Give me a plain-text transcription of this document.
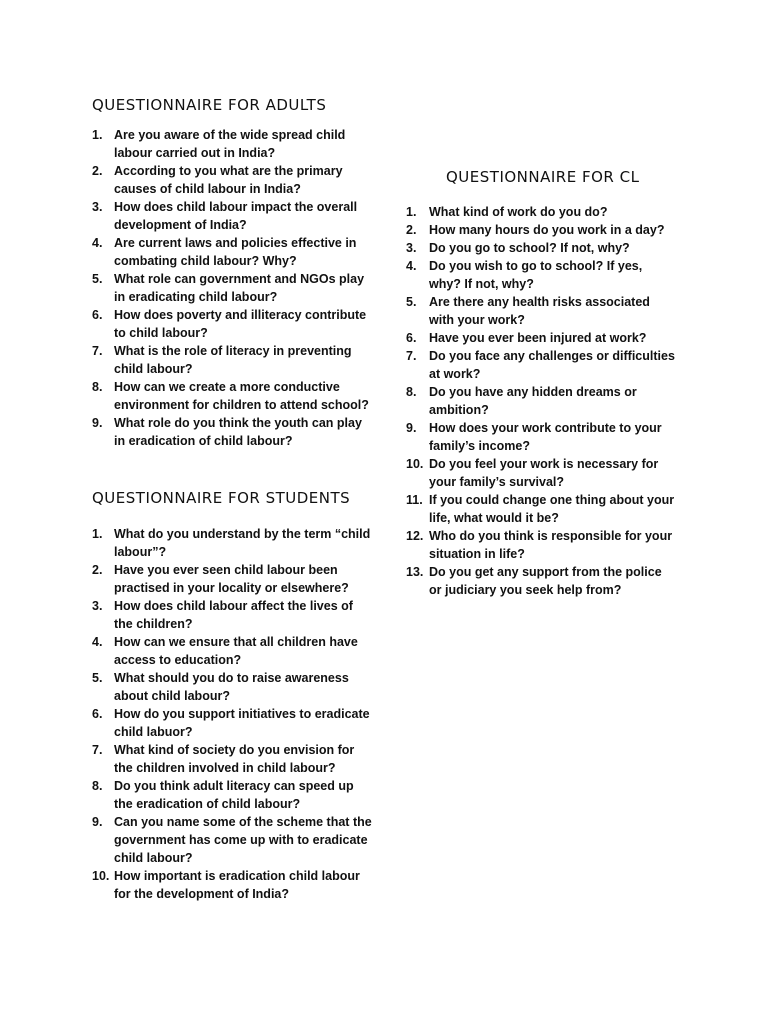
QUESTIONNAIRE FOR ADULTS
1. Are you aware of the wide spread child labour carried out in India?
2. According to you what are the primary causes of child labour in India?
3. How does child labour impact the overall development of India?
4. Are current laws and policies effective in combating child labour? Why?
5. What role can government and NGOs play in eradicating child labour?
6. How does poverty and illiteracy contribute to child labour?
7. What is the role of literacy in preventing child labour?
8. How can we create a more conductive environment for children to attend school?
9. What role do you think the youth can play in eradication of child labour?
QUESTIONNAIRE FOR STUDENTS
1. What do you understand by the term “child labour”?
2. Have you ever seen child labour been practised in your locality or elsewhere?
3. How does child labour affect the lives of the children?
4. How can we ensure that all children have access to education?
5. What should you do to raise awareness about child labour?
6. How do you support initiatives to eradicate child labuor?
7. What kind of society do you envision for the children involved in child labour?
8. Do you think adult literacy can speed up the eradication of child labour?
9. Can you name some of the scheme that the government has come up with to eradicate child labour?
10. How important is eradication child labour for the development of India?
QUESTIONNAIRE FOR CL
1. What kind of work do you do?
2. How many hours do you work in a day?
3. Do you go to school? If not, why?
4. Do you wish to go to school? If yes, why? If not, why?
5. Are there any health risks associated with your work?
6. Have you ever been injured at work?
7. Do you face any challenges or difficulties at work?
8. Do you have any hidden dreams or ambition?
9. How does your work contribute to your family’s income?
10. Do you feel your work is necessary for your family’s survival?
11. If you could change one thing about your life, what would it be?
12. Who do you think is responsible for your situation in life?
13. Do you get any support from the police or judiciary you seek help from?
